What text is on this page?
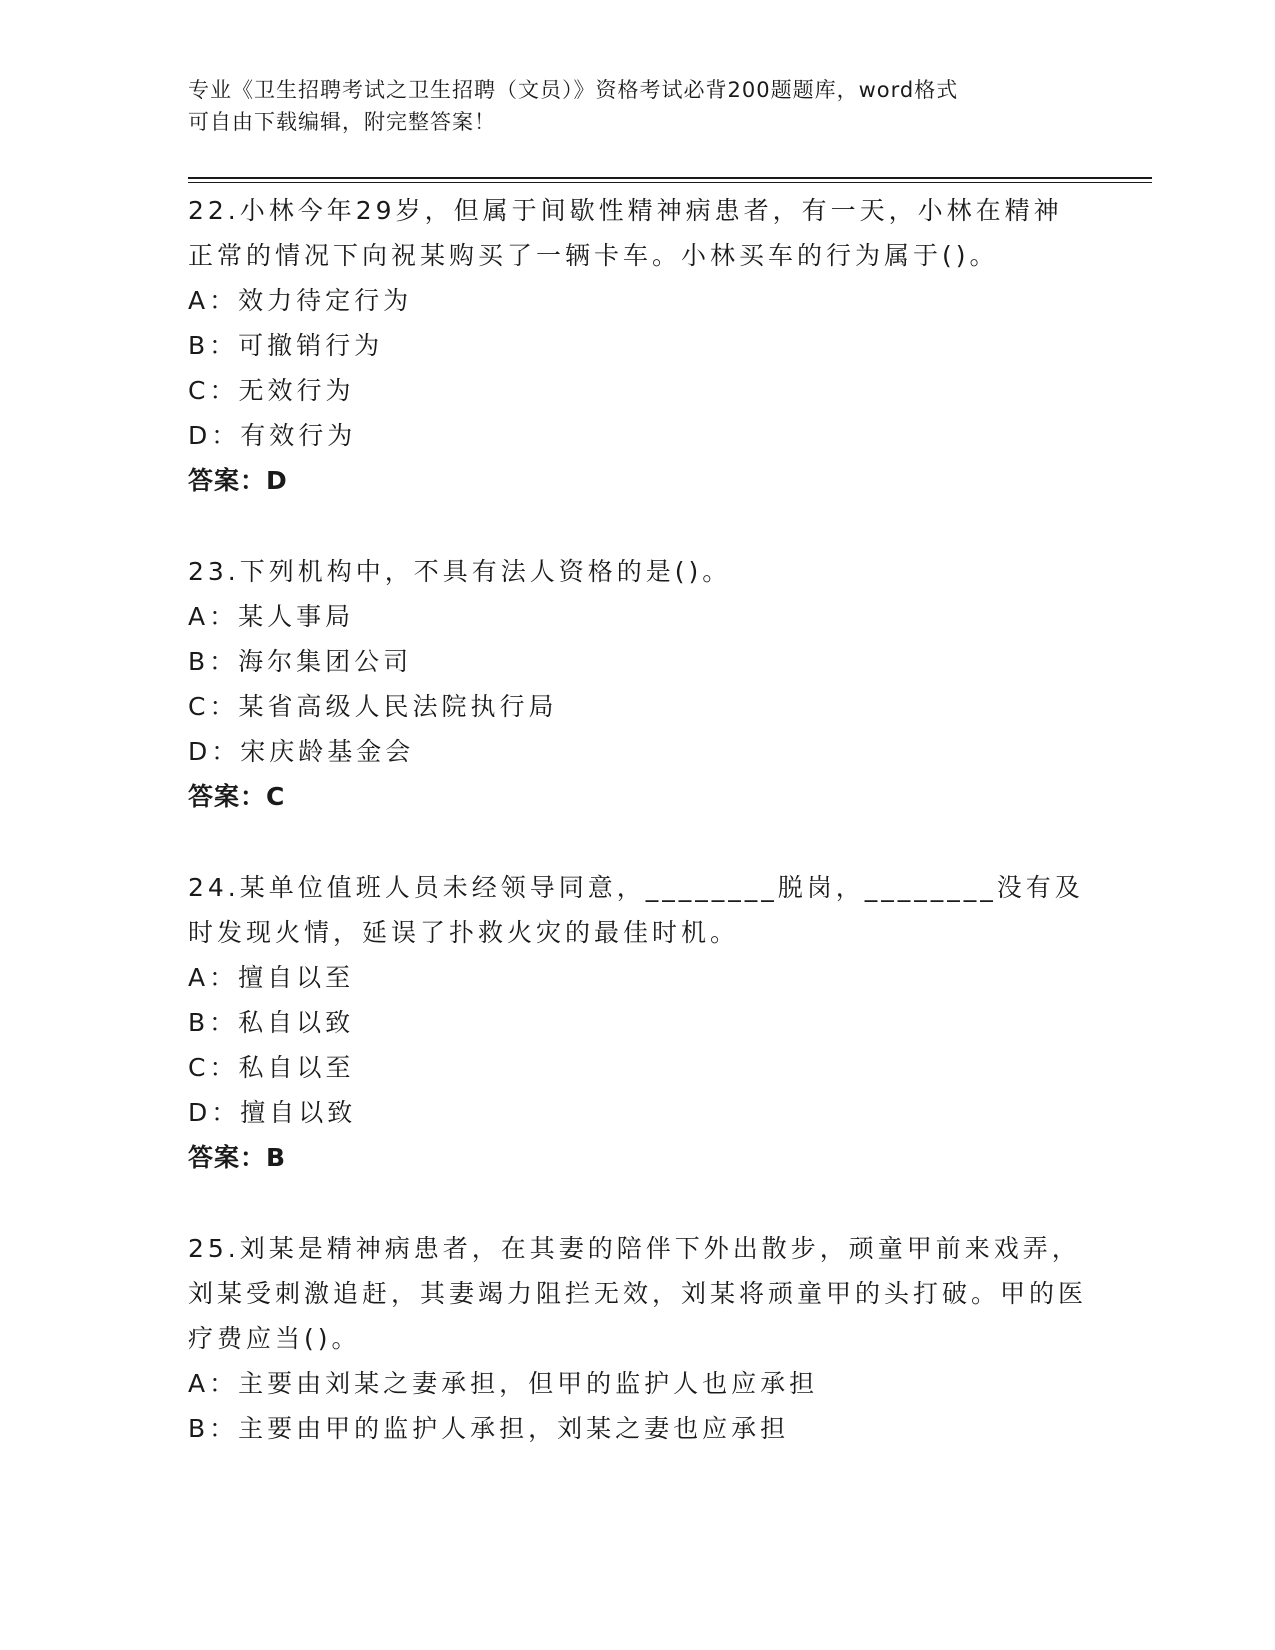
专业《卫生招聘考试之卫生招聘（文员）》资格考试必背200题题库，word格式
可自由下载编辑，附完整答案！
22.小林今年29岁，但属于间歇性精神病患者，有一天，小林在精神正常的情况下向祝某购买了一辆卡车。小林买车的行为属于()。
A：效力待定行为
B：可撤销行为
C：无效行为
D：有效行为
答案：D
23.下列机构中，不具有法人资格的是()。
A：某人事局
B：海尔集团公司
C：某省高级人民法院执行局
D：宋庆龄基金会
答案：C
24.某单位值班人员未经领导同意，________脱岗，________没有及时发现火情，延误了扑救火灾的最佳时机。
A：擅自以至
B：私自以致
C：私自以至
D：擅自以致
答案：B
25.刘某是精神病患者，在其妻的陪伴下外出散步，顽童甲前来戏弄，刘某受刺激追赶，其妻竭力阻拦无效，刘某将顽童甲的头打破。甲的医疗费应当()。
A：主要由刘某之妻承担，但甲的监护人也应承担
B：主要由甲的监护人承担，刘某之妻也应承担
